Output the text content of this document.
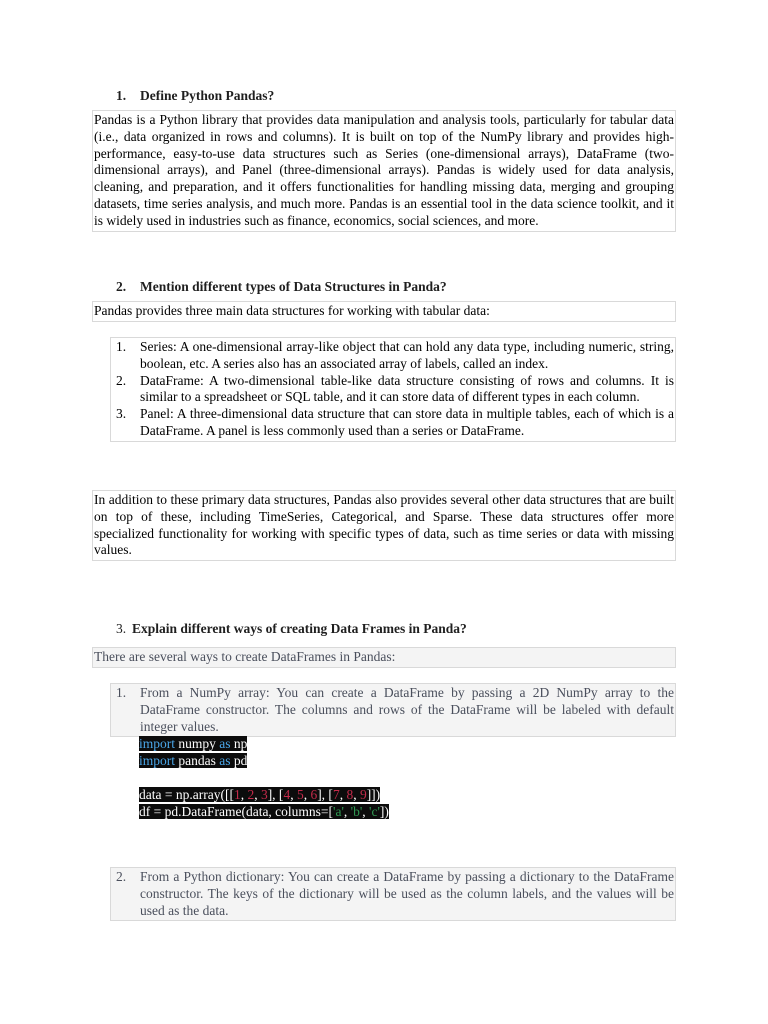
1. Define Python Pandas?
Pandas is a Python library that provides data manipulation and analysis tools, particularly for tabular data (i.e., data organized in rows and columns). It is built on top of the NumPy library and provides high-performance, easy-to-use data structures such as Series (one-dimensional arrays), DataFrame (two-dimensional arrays), and Panel (three-dimensional arrays). Pandas is widely used for data analysis, cleaning, and preparation, and it offers functionalities for handling missing data, merging and grouping datasets, time series analysis, and much more. Pandas is an essential tool in the data science toolkit, and it is widely used in industries such as finance, economics, social sciences, and more.
2. Mention different types of Data Structures in Panda?
Pandas provides three main data structures for working with tabular data:
1. Series: A one-dimensional array-like object that can hold any data type, including numeric, string, boolean, etc. A series also has an associated array of labels, called an index.
2. DataFrame: A two-dimensional table-like data structure consisting of rows and columns. It is similar to a spreadsheet or SQL table, and it can store data of different types in each column.
3. Panel: A three-dimensional data structure that can store data in multiple tables, each of which is a DataFrame. A panel is less commonly used than a series or DataFrame.
In addition to these primary data structures, Pandas also provides several other data structures that are built on top of these, including TimeSeries, Categorical, and Sparse. These data structures offer more specialized functionality for working with specific types of data, such as time series or data with missing values.
3. Explain different ways of creating Data Frames in Panda?
There are several ways to create DataFrames in Pandas:
1. From a NumPy array: You can create a DataFrame by passing a 2D NumPy array to the DataFrame constructor. The columns and rows of the DataFrame will be labeled with default integer values.
import numpy as np
import pandas as pd
data = np.array([[1, 2, 3], [4, 5, 6], [7, 8, 9]])
df = pd.DataFrame(data, columns=['a', 'b', 'c'])
2. From a Python dictionary: You can create a DataFrame by passing a dictionary to the DataFrame constructor. The keys of the dictionary will be used as the column labels, and the values will be used as the data.
